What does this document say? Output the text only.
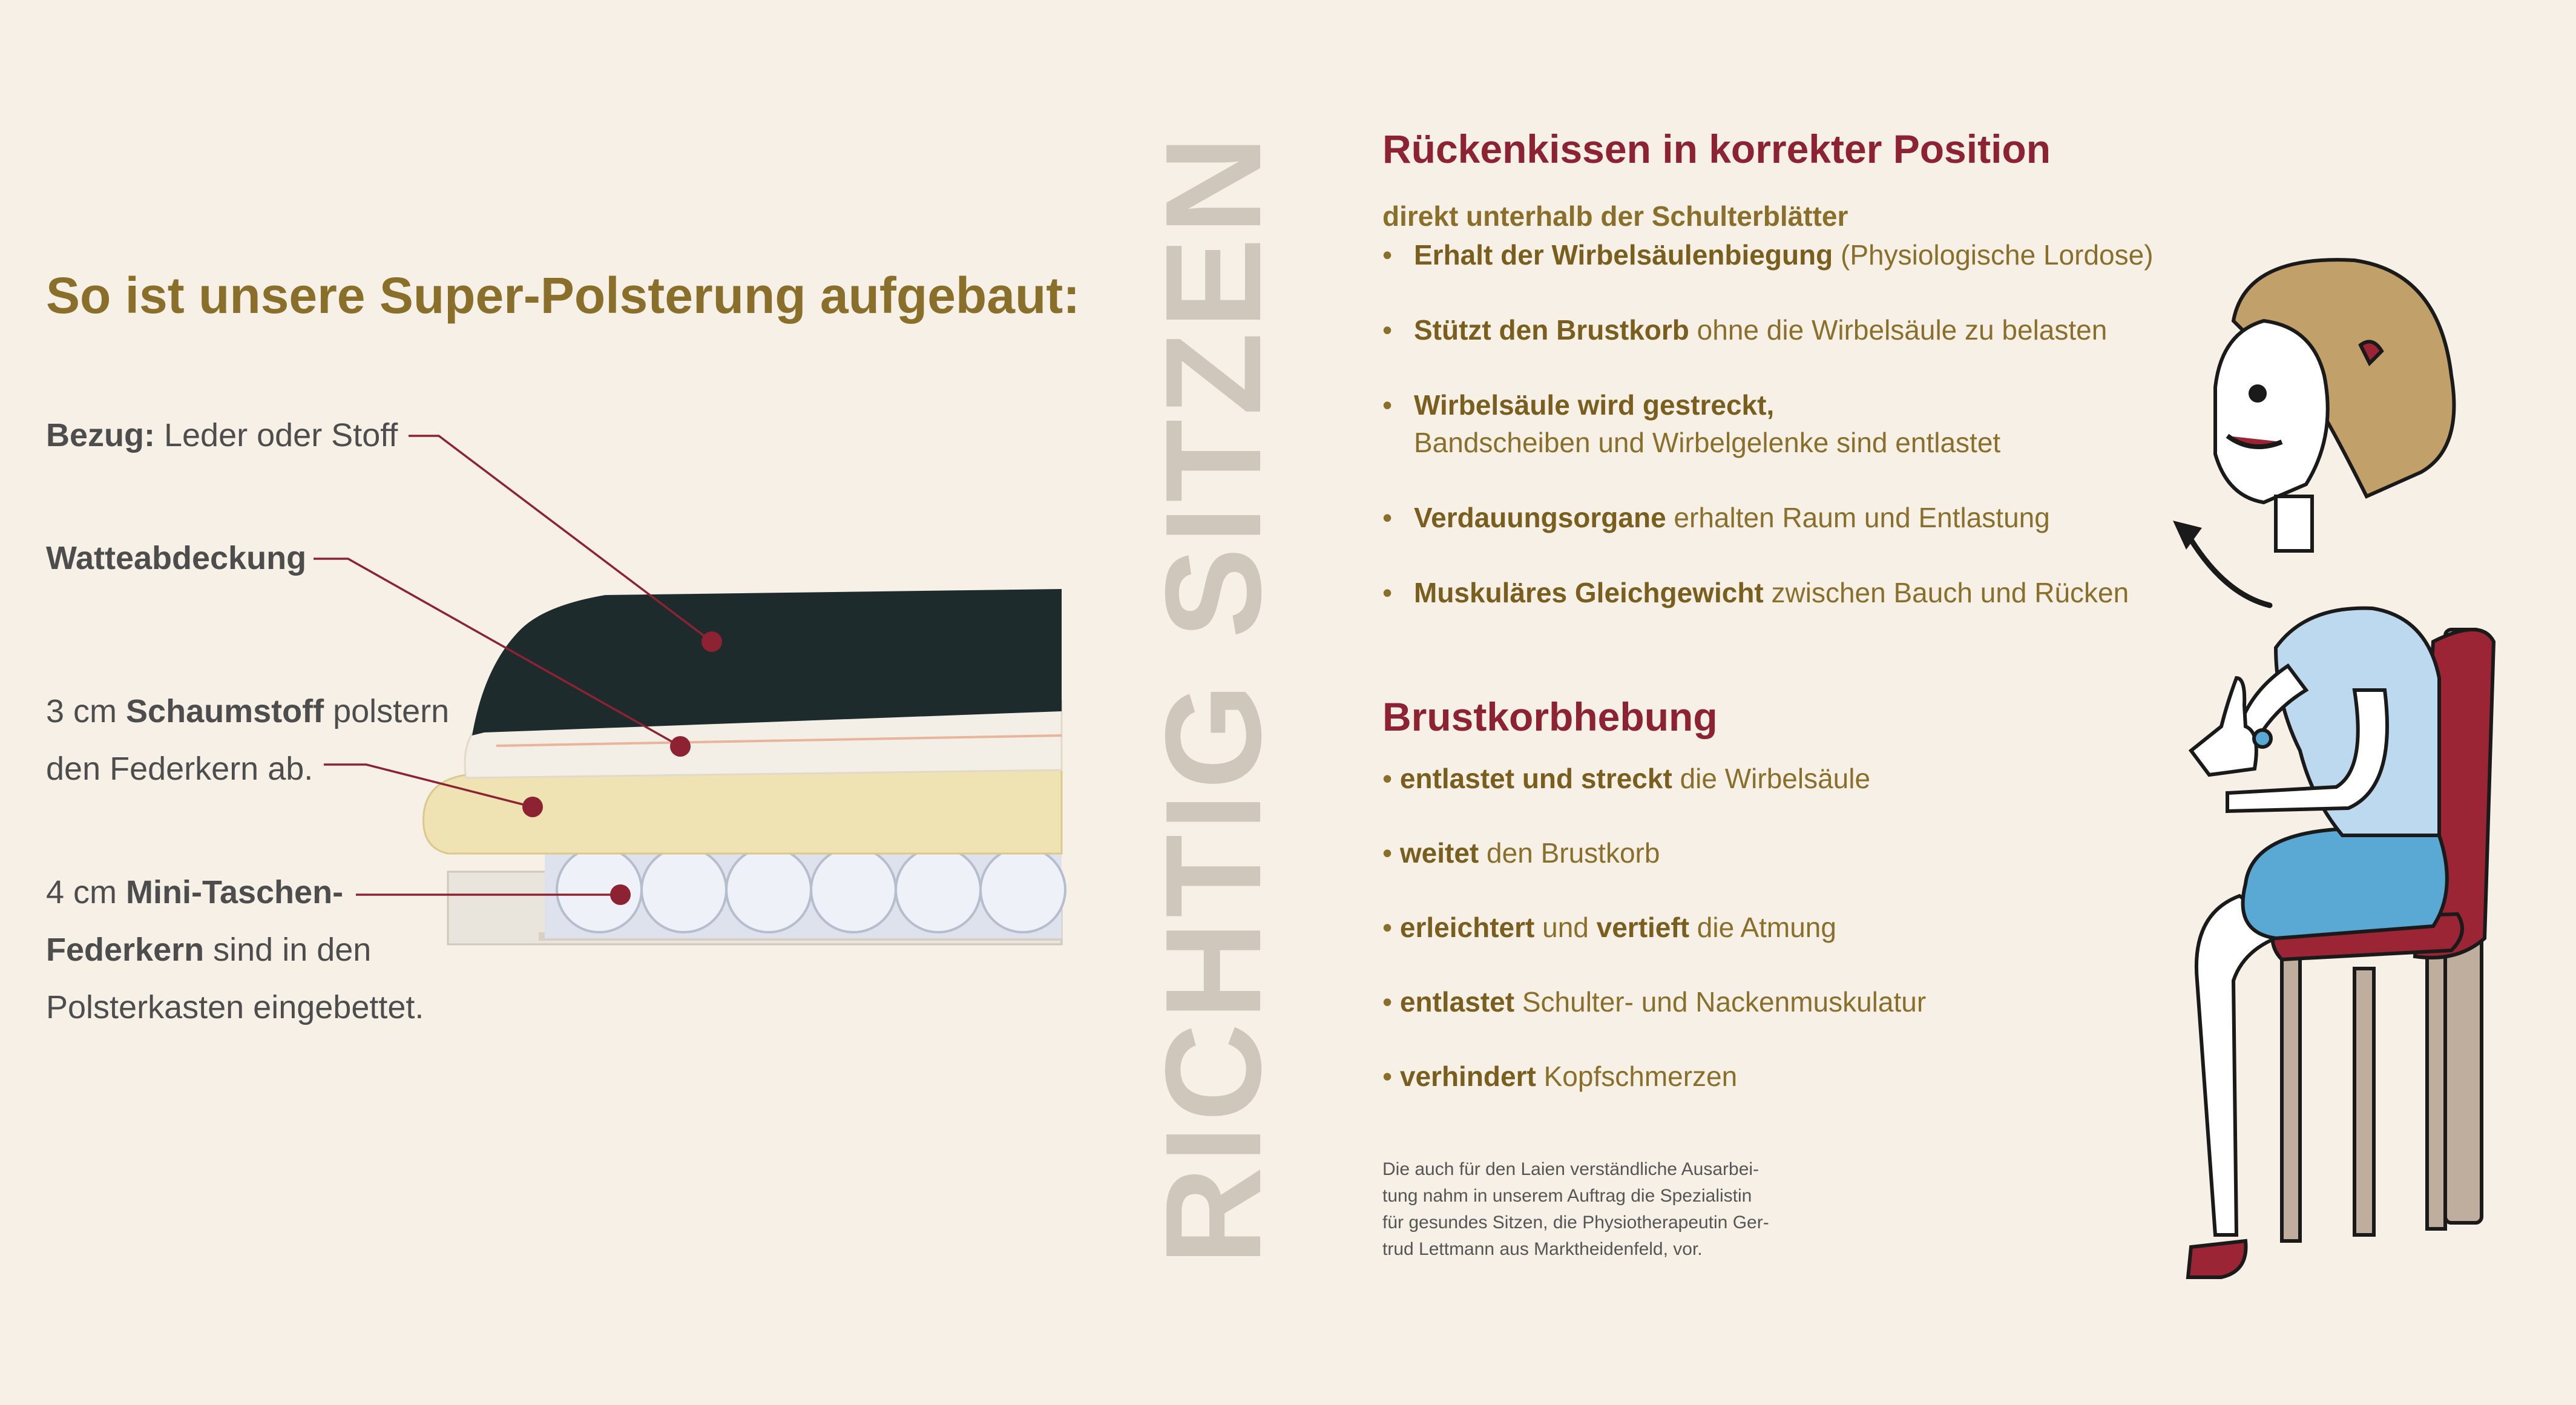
So ist unsere Super-Polsterung aufgebaut:
Bezug: Leder oder Stoff
Watteabdeckung
3 cm Schaumstoff polstern
den Federkern ab.
4 cm Mini-Taschen-
Federkern sind in den
Polsterkasten eingebettet.	RICHTIG SITZEN Rückenkissen in korrekter Position
direkt unterhalb der Schulterblätter
• Erhalt der Wirbelsäulenbiegung (Physiologische Lordose)
• Stützt den Brustkorb ohne die Wirbelsäule zu belasten
• Wirbelsäule wird gestreckt,
Bandscheiben und Wirbelgelenke sind entlastet
• Verdauungsorgane erhalten Raum und Entlastung
• Muskuläres Gleichgewicht zwischen Bauch und Rücken
Brustkorbhebung
• entlastet und streckt die Wirbelsäule
• weitet den Brustkorb
• erleichtert und vertieft die Atmung
• entlastet Schulter- und Nackenmuskulatur
• verhindert Kopfschmerzen

Die auch für den Laien verständliche Ausarbei-
tung nahm in unserem Auftrag die Spezialistin
für gesundes Sitzen, die Physiotherapeutin Ger-
trud Lettmann aus Marktheidenfeld, vor.
